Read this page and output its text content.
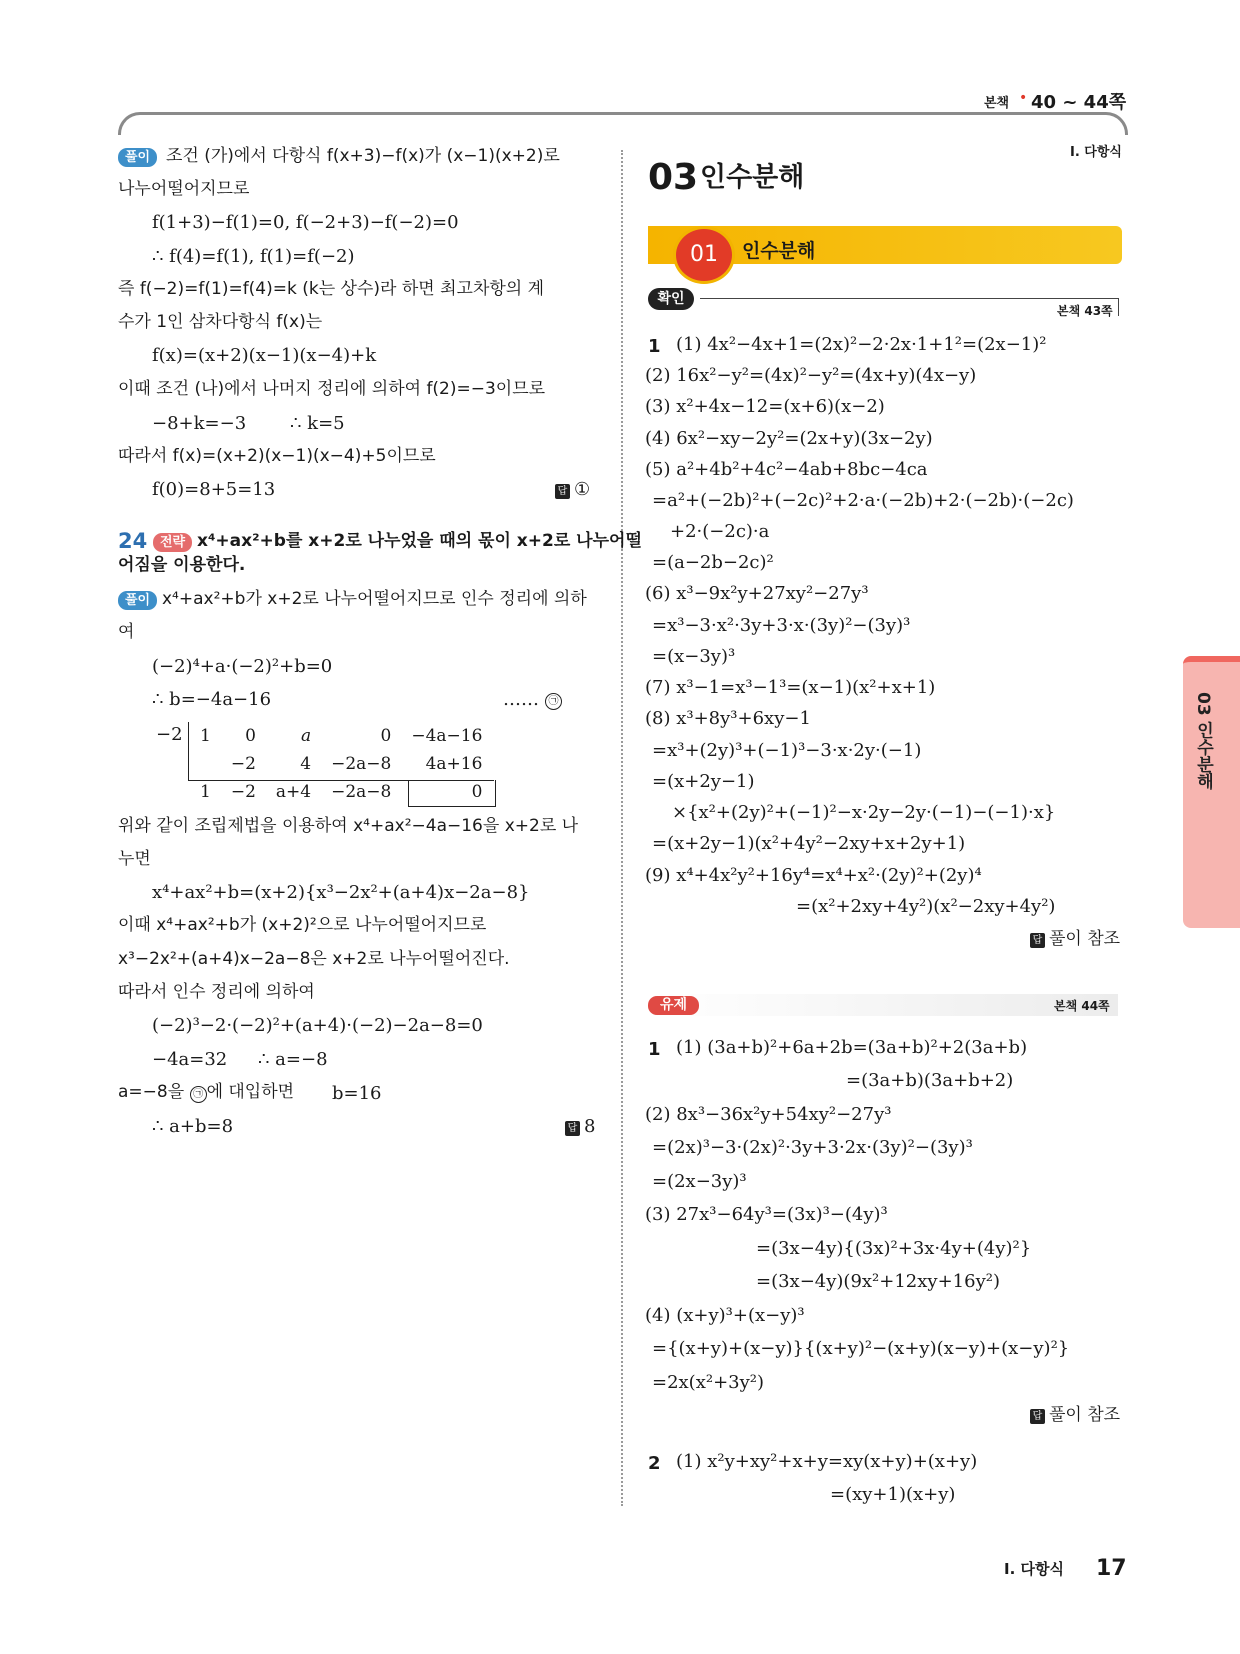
본책 • 40 ~ 44쪽
풀이 조건 (가)에서 다항식 f(x+3)−f(x)가 (x−1)(x+2)로
나누어떨어지므로
f(1+3)−f(1)=0, f(−2+3)−f(−2)=0
∴ f(4)=f(1), f(1)=f(−2)
즉 f(−2)=f(1)=f(4)=k (k는 상수)라 하면 최고차항의 계
수가 1인 삼차다항식 f(x)는
f(x)=(x+2)(x−1)(x−4)+k
이때 조건 (나)에서 나머지 정리에 의하여 f(2)=−3이므로
−8+k=−3 ∴ k=5
따라서 f(x)=(x+2)(x−1)(x−4)+5이므로
f(0)=8+5=13	답 ①
24 전략 x⁴+ax²+b를 x+2로 나누었을 때의 몫이 x+2로 나누어떨
어짐을 이용한다.
풀이 x⁴+ax²+b가 x+2로 나누어떨어지므로 인수 정리에 의하
여
(−2)⁴+a·(−2)²+b=0
∴ b=−4a−16	…… ㉠
−2 1	0	a	0	−4a−16
	−2	4	−2a−8	4a+16
1	−2	a+4	−2a−8	0
위와 같이 조립제법을 이용하여 x⁴+ax²−4a−16을 x+2로 나
누면
x⁴+ax²+b=(x+2){x³−2x²+(a+4)x−2a−8}
이때 x⁴+ax²+b가 (x+2)²으로 나누어떨어지므로
x³−2x²+(a+4)x−2a−8은 x+2로 나누어떨어진다.
따라서 인수 정리에 의하여
(−2)³−2·(−2)²+(a+4)·(−2)−2a−8=0
−4a=32 ∴ a=−8
a=−8을 ㉠ 에 대입하면 b=16
∴ a+b=8	답 8
I. 다항식
03 인수분해
01	인수분해
확인
본책 43쪽
1 (1) 4x²−4x+1=(2x)²−2·2x·1+1²=(2x−1)²
(2) 16x²−y²=(4x)²−y²=(4x+y)(4x−y)
(3) x²+4x−12=(x+6)(x−2)
(4) 6x²−xy−2y²=(2x+y)(3x−2y)
(5) a²+4b²+4c²−4ab+8bc−4ca
=a²+(−2b)²+(−2c)²+2·a·(−2b)+2·(−2b)·(−2c)
+2·(−2c)·a
=(a−2b−2c)²
(6) x³−9x²y+27xy²−27y³
=x³−3·x²·3y+3·x·(3y)²−(3y)³
=(x−3y)³
(7) x³−1=x³−1³=(x−1)(x²+x+1)
(8) x³+8y³+6xy−1
=x³+(2y)³+(−1)³−3·x·2y·(−1)
=(x+2y−1)
×{x²+(2y)²+(−1)²−x·2y−2y·(−1)−(−1)·x}
=(x+2y−1)(x²+4y²−2xy+x+2y+1)
(9) x⁴+4x²y²+16y⁴=x⁴+x²·(2y)²+(2y)⁴
=(x²+2xy+4y²)(x²−2xy+4y²)
답 풀이 참조
유제	본책 44쪽
1 (1) (3a+b)²+6a+2b=(3a+b)²+2(3a+b)
=(3a+b)(3a+b+2)
(2) 8x³−36x²y+54xy²−27y³
=(2x)³−3·(2x)²·3y+3·2x·(3y)²−(3y)³
=(2x−3y)³
(3) 27x³−64y³=(3x)³−(4y)³
=(3x−4y){(3x)²+3x·4y+(4y)²}
=(3x−4y)(9x²+12xy+16y²)
(4) (x+y)³+(x−y)³
={(x+y)+(x−y)}{(x+y)²−(x+y)(x−y)+(x−y)²}
=2x(x²+3y²)
답 풀이 참조
2 (1) x²y+xy²+x+y=xy(x+y)+(x+y)
=(xy+1)(x+y)
03 인수분해
I. 다항식 17
